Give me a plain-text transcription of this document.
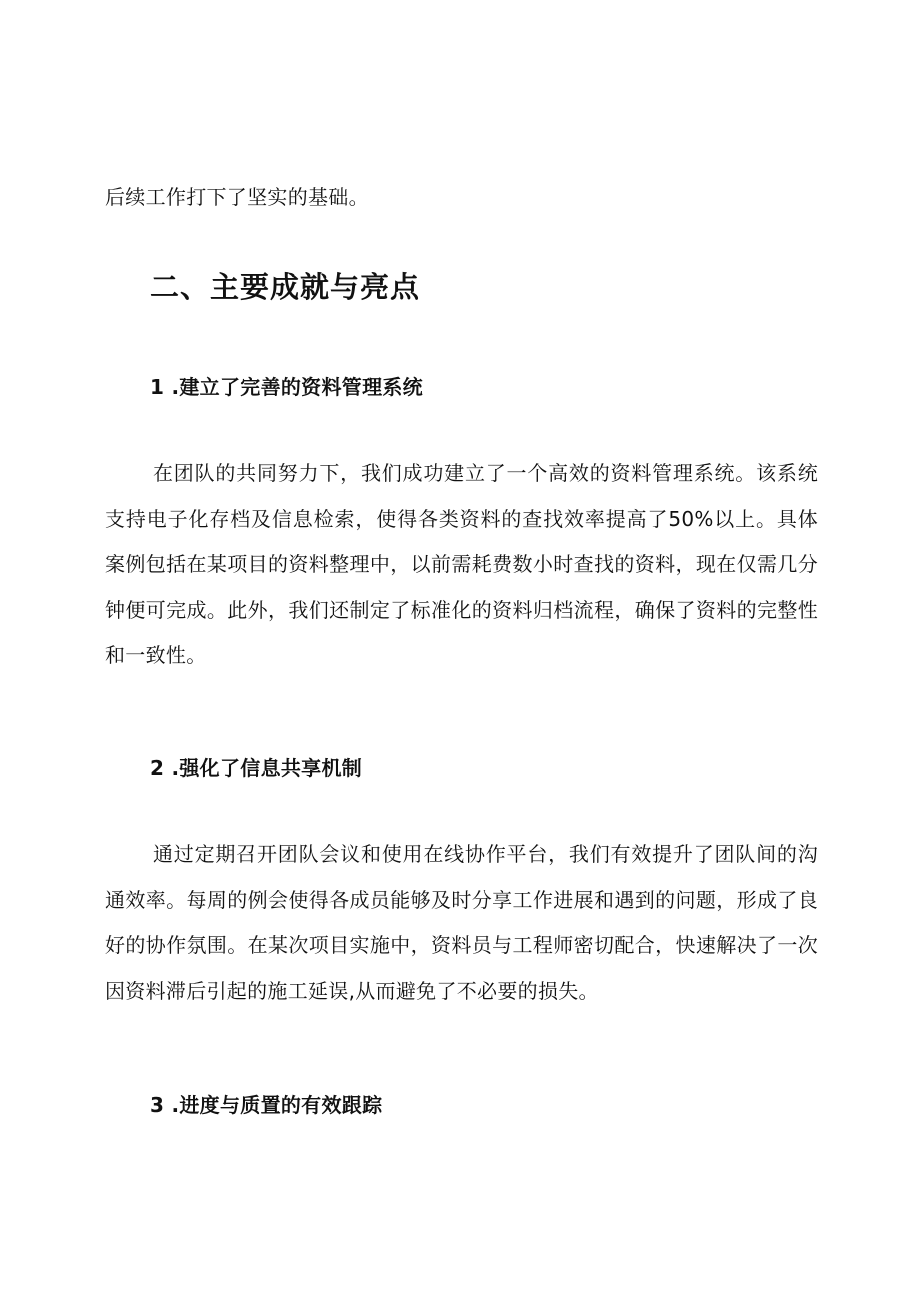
后续工作打下了坚实的基础。
二、主要成就与亮点
1 .建立了完善的资料管理系统
在团队的共同努力下，我们成功建立了一个高效的资料管理系统。该系统支持电子化存档及信息检索，使得各类资料的查找效率提高了50%以上。具体案例包括在某项目的资料整理中，以前需耗费数小时查找的资料，现在仅需几分钟便可完成。此外，我们还制定了标准化的资料归档流程，确保了资料的完整性和一致性。
2 .强化了信息共享机制
通过定期召开团队会议和使用在线协作平台，我们有效提升了团队间的沟通效率。每周的例会使得各成员能够及时分享工作进展和遇到的问题，形成了良好的协作氛围。在某次项目实施中，资料员与工程师密切配合，快速解决了一次因资料滞后引起的施工延误,从而避免了不必要的损失。
3 .进度与质置的有效跟踪
